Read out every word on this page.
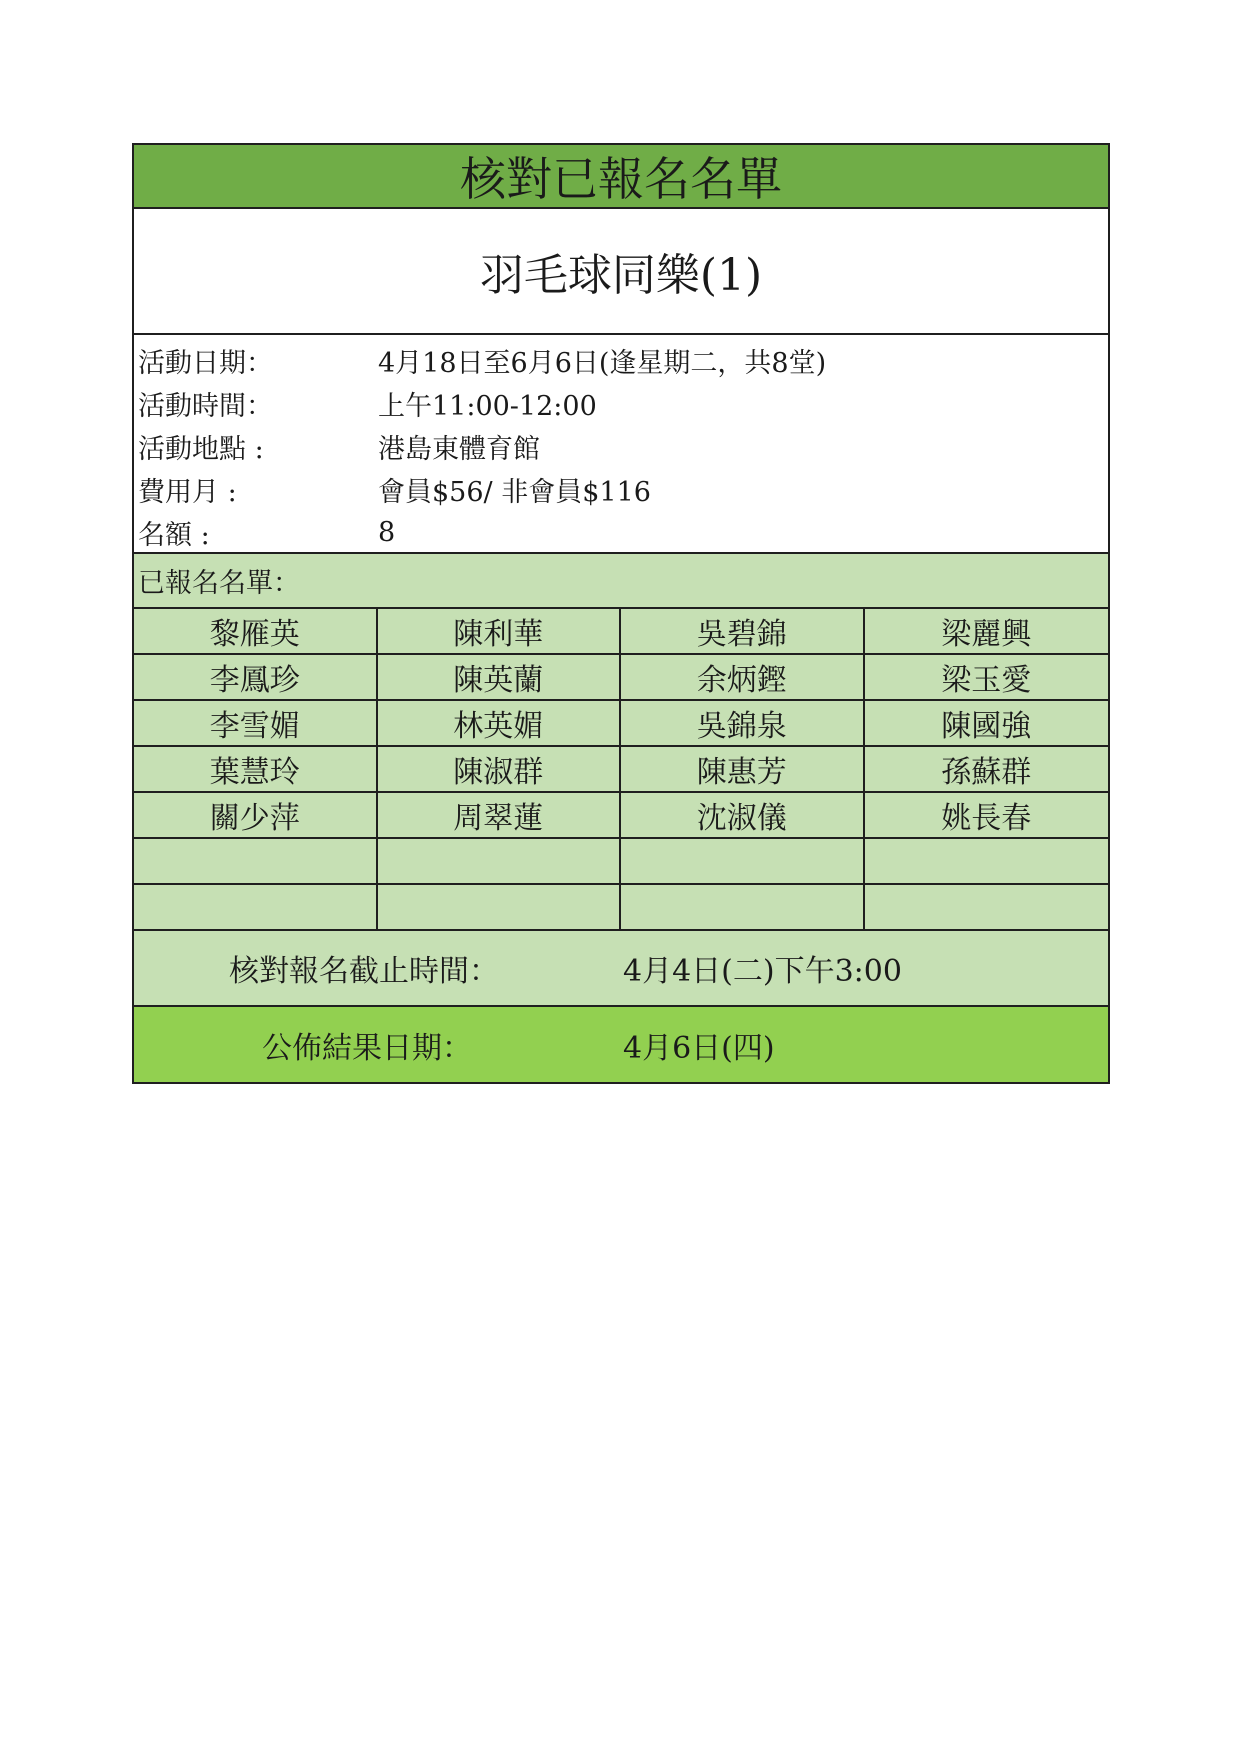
核對已報名名單
羽毛球同樂(1)
活動日期：	4月18日至6月6日(逢星期二，共8堂)
活動時間：	上午11:00-12:00
活動地點 :	港島東體育館
費用月 :	會員$56/ 非會員$116
名額 :	8
已報名名單：
黎雁英	陳利華	吳碧錦	梁麗興
李鳳珍	陳英蘭	余炳鏗	梁玉愛
李雪媚	林英媚	吳錦泉	陳國強
葉慧玲	陳淑群	陳惠芳	孫蘇群
關少萍	周翠蓮	沈淑儀	姚長春
核對報名截止時間：	4月4日(二)下午3:00
公佈結果日期：	4月6日(四)
